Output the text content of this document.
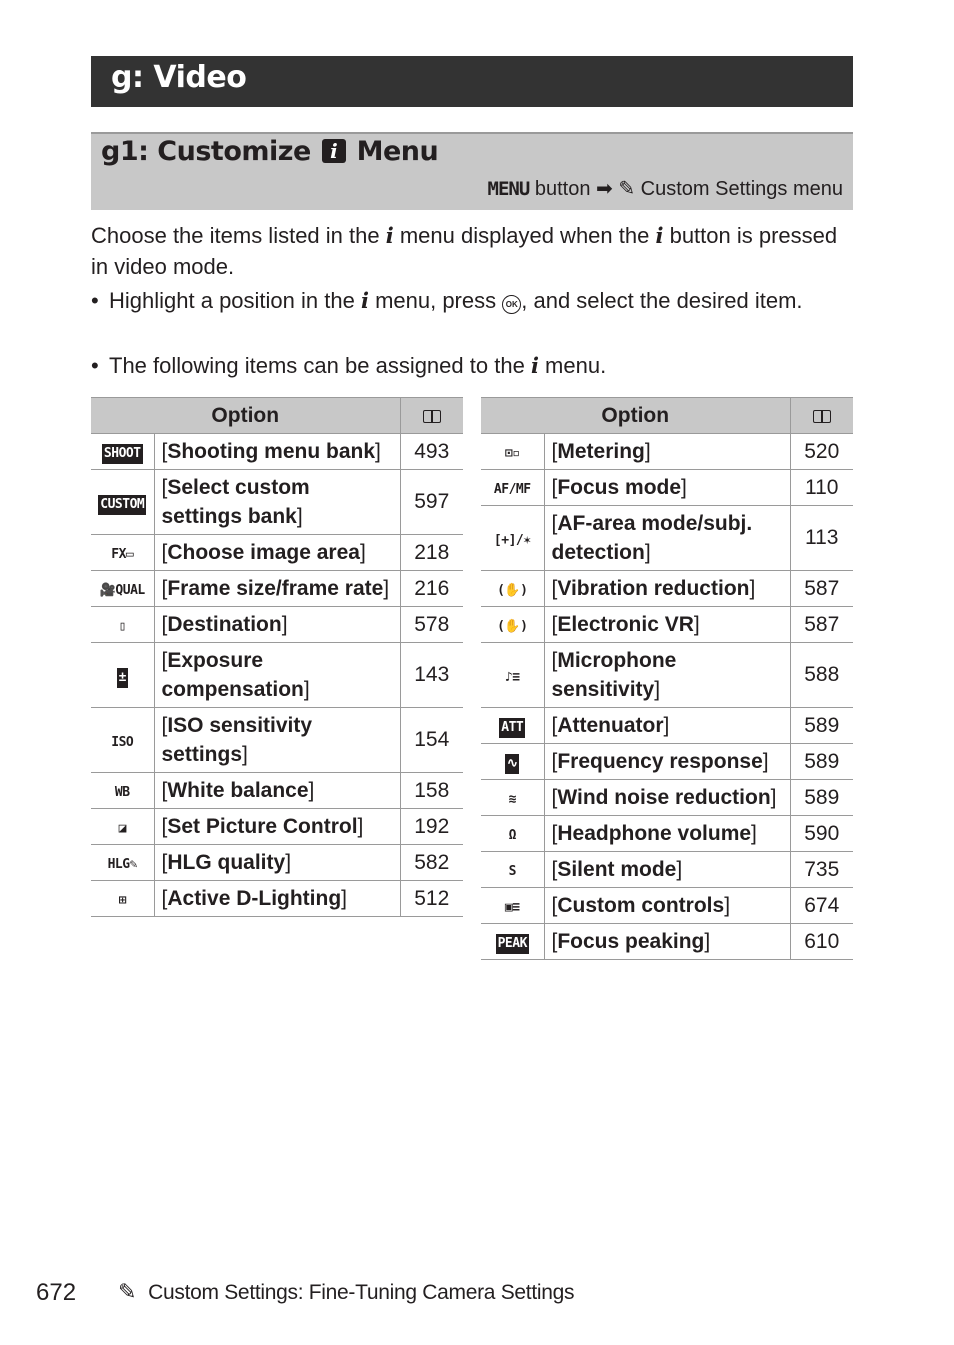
g: Video
g1: Customize i Menu
MENU button ➡ ✎ Custom Settings menu
Choose the items listed in the i menu displayed when the i button is pressed in video mode.
• Highlight a position in the i menu, press OK , and select the desired item.
• The following items can be assigned to the i menu.
Option		
SHOOT	[Shooting menu bank]	493
CUSTOM	[Select custom settings bank]	597
FX▭	[Choose image area]	218
🎥QUAL	[Frame size/frame rate]	216
▯	[Destination]	578
±	[Exposure compensation]	143
ISO	[ISO sensitivity settings]	154
WB	[White balance]	158
◪	[Set Picture Control]	192
HLG✎	[HLG quality]	582
⊞	[Active D-Lighting]	512
Option		
⊡▫	[Metering]	520
AF/MF	[Focus mode]	110
[+]/✶	[AF-area mode/subj. detection]	113
(✋)	[Vibration reduction]	587
(✋)	[Electronic VR]	587
♪≡	[Microphone sensitivity]	588
ATT	[Attenuator]	589
∿	[Frequency response]	589
≋	[Wind noise reduction]	589
Ω	[Headphone volume]	590
S	[Silent mode]	735
▣≡	[Custom controls]	674
PEAK	[Focus peaking]	610
672 ✎ Custom Settings: Fine-Tuning Camera Settings
